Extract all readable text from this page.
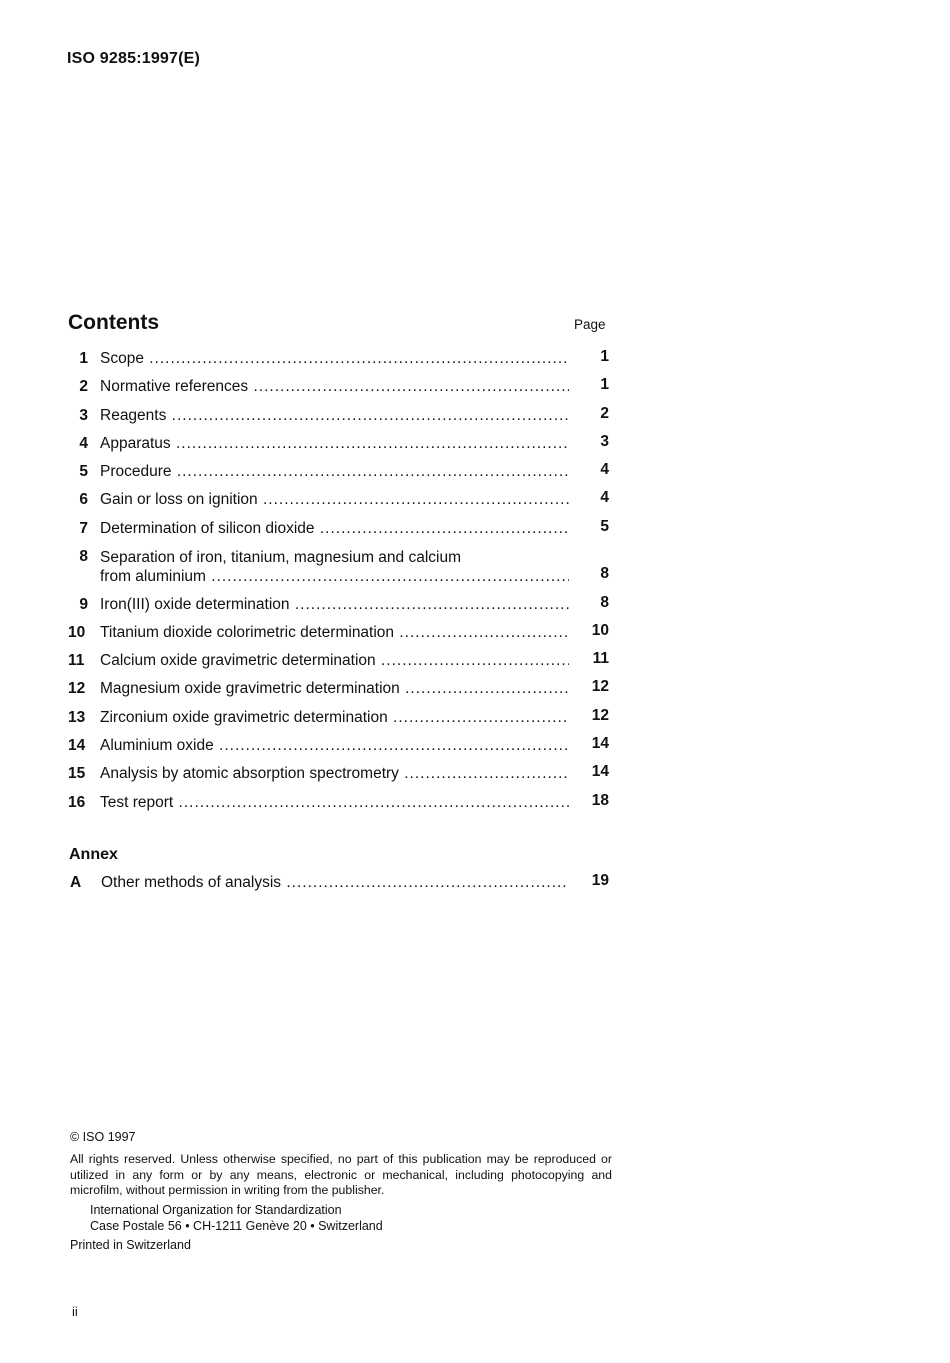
ISO 9285:1997(E)
Contents	Page
1 Scope .....	1
2 Normative references .....	1
3 Reagents .....	2
4 Apparatus .....	3
5 Procedure .....	4
6 Gain or loss on ignition .....	4
7 Determination of silicon dioxide .....	5
8 Separation of iron, titanium, magnesium and calcium

from aluminium .....	8
9 Iron(III) oxide determination .....	8
10 Titanium dioxide colorimetric determination .....	10
11 Calcium oxide gravimetric determination .....	11
12 Magnesium oxide gravimetric determination .....	12
13 Zirconium oxide gravimetric determination .....	12
14 Aluminium oxide .....	14
15 Analysis by atomic absorption spectrometry .....	14
16 Test report .....	18
Annex
A Other methods of analysis .....	19
© ISO 1997
All rights reserved. Unless otherwise specified, no part of this publication may be reproduced or utilized in any form or by any means, electronic or mechanical, including photocopying and microfilm, without permission in writing from the publisher.
International Organization for Standardization
Case Postale 56 • CH-1211 Genève 20 • Switzerland
Printed in Switzerland
ii
